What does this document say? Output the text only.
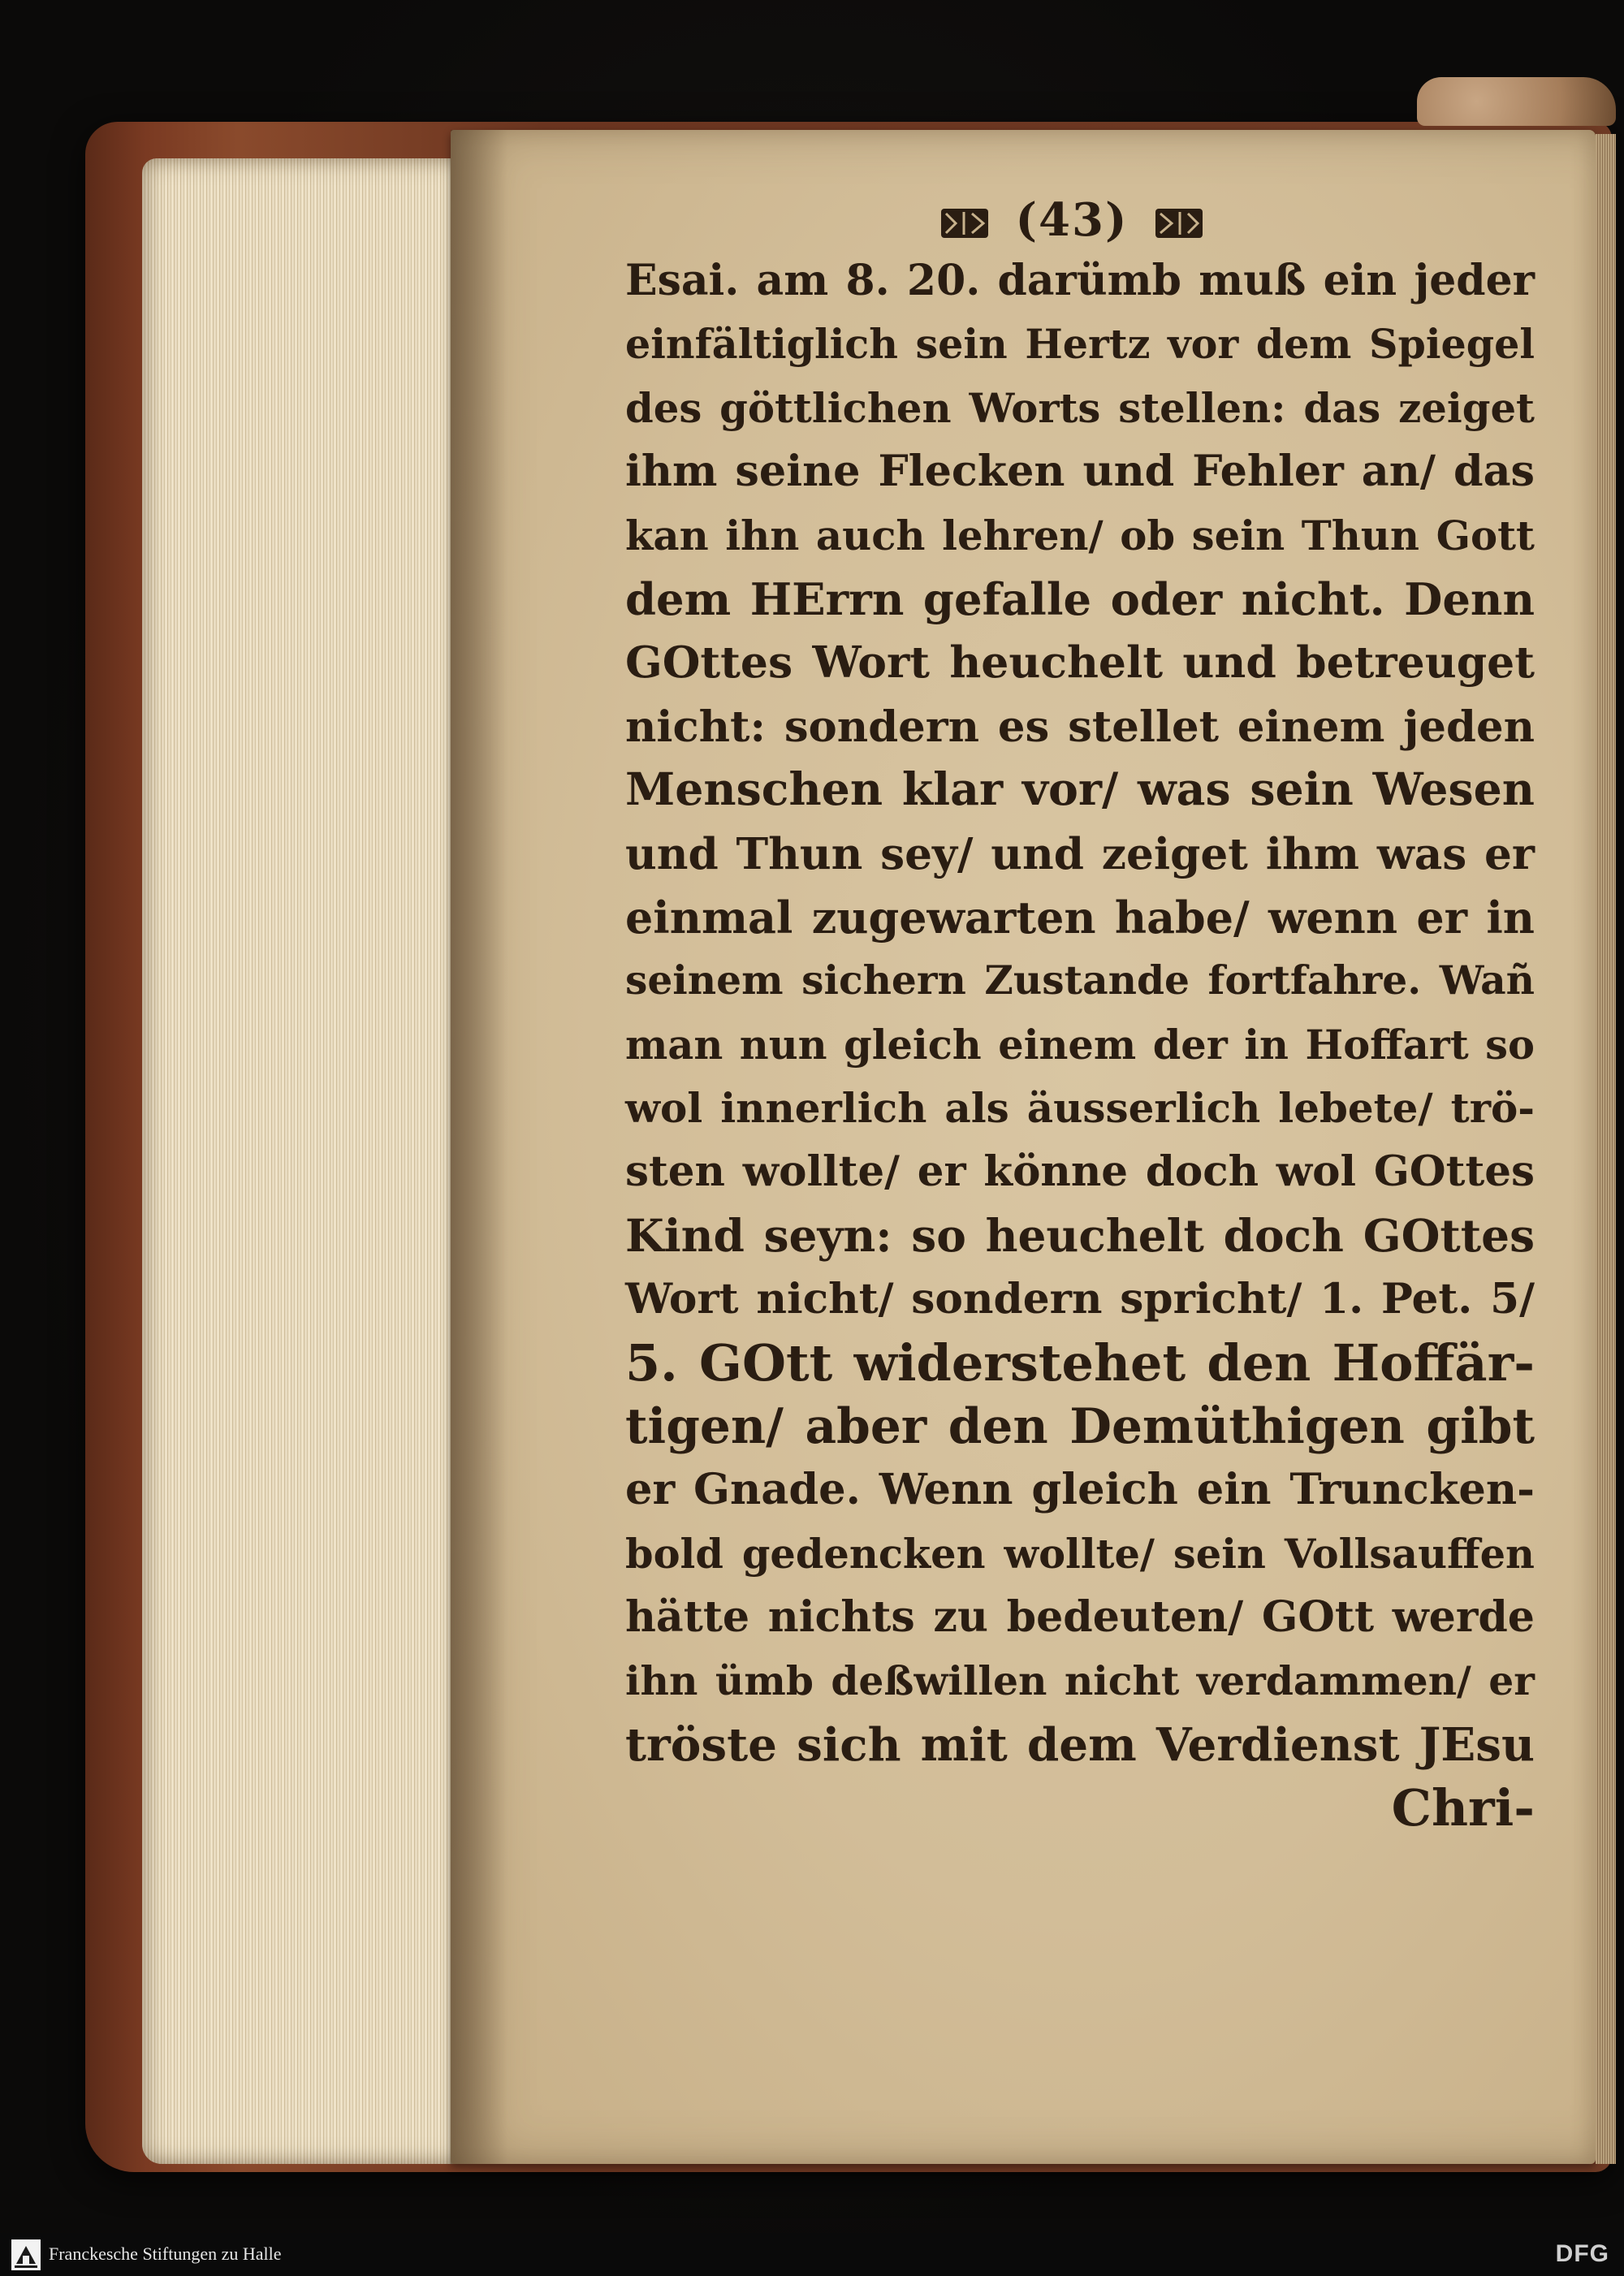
(43)
Esai. am 8. 20. darümb muß ein jeder
einfältiglich sein Hertz vor dem Spiegel
des göttlichen Worts stellen: das zeiget
ihm seine Flecken und Fehler an/ das
kan ihn auch lehren/ ob sein Thun Gott
dem HErrn gefalle oder nicht. Denn
GOttes Wort heuchelt und betreuget
nicht: sondern es stellet einem jeden
Menschen klar vor/ was sein Wesen
und Thun sey/ und zeiget ihm was er
einmal zugewarten habe/ wenn er in
seinem sichern Zustande fortfahre. Wañ
man nun gleich einem der in Hoffart so
wol innerlich als äusserlich lebete/ trö-
sten wollte/ er könne doch wol GOttes
Kind seyn: so heuchelt doch GOttes
Wort nicht/ sondern spricht/ 1. Pet. 5/
5. GOtt widerstehet den Hoffär-
tigen/ aber den Demüthigen gibt
er Gnade. Wenn gleich ein Truncken-
bold gedencken wollte/ sein Vollsauffen
hätte nichts zu bedeuten/ GOtt werde
ihn ümb deßwillen nicht verdammen/ er
tröste sich mit dem Verdienst JEsu
Chri-
Franckesche Stiftungen zu Halle	DFG
